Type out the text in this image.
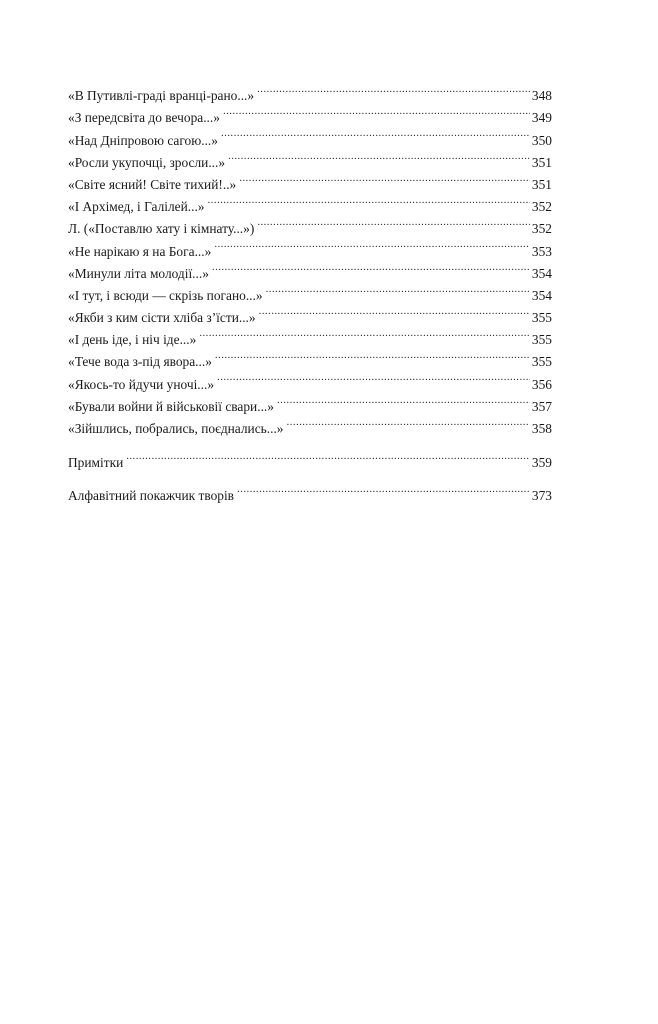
«В Путивлі-граді вранці-рано...» .....	348
«З передсвіта до вечора...» .....	349
«Над Дніпровою сагою...» .....	350
«Росли укупочці, зросли...» .....	351
«Світе ясний! Світе тихий!..» .....	351
«І Архімед, і Галілей...» .....	352
Л. («Поставлю хату і кімнату...») .....	352
«Не нарікаю я на Бога...» .....	353
«Минули літа молодії...» .....	354
«І тут, і всюди — скрізь погано...» .....	354
«Якби з ким сісти хліба з’їсти...» .....	355
«І день іде, і ніч іде...» .....	355
«Тече вода з-під явора...» .....	355
«Якось-то йдучи уночі...» .....	356
«Бували войни й військовії свари...» .....	357
«Зійшлись, побрались, поєднались...» .....	358
Примітки .....	359
Алфавітний покажчик творів .....	373
